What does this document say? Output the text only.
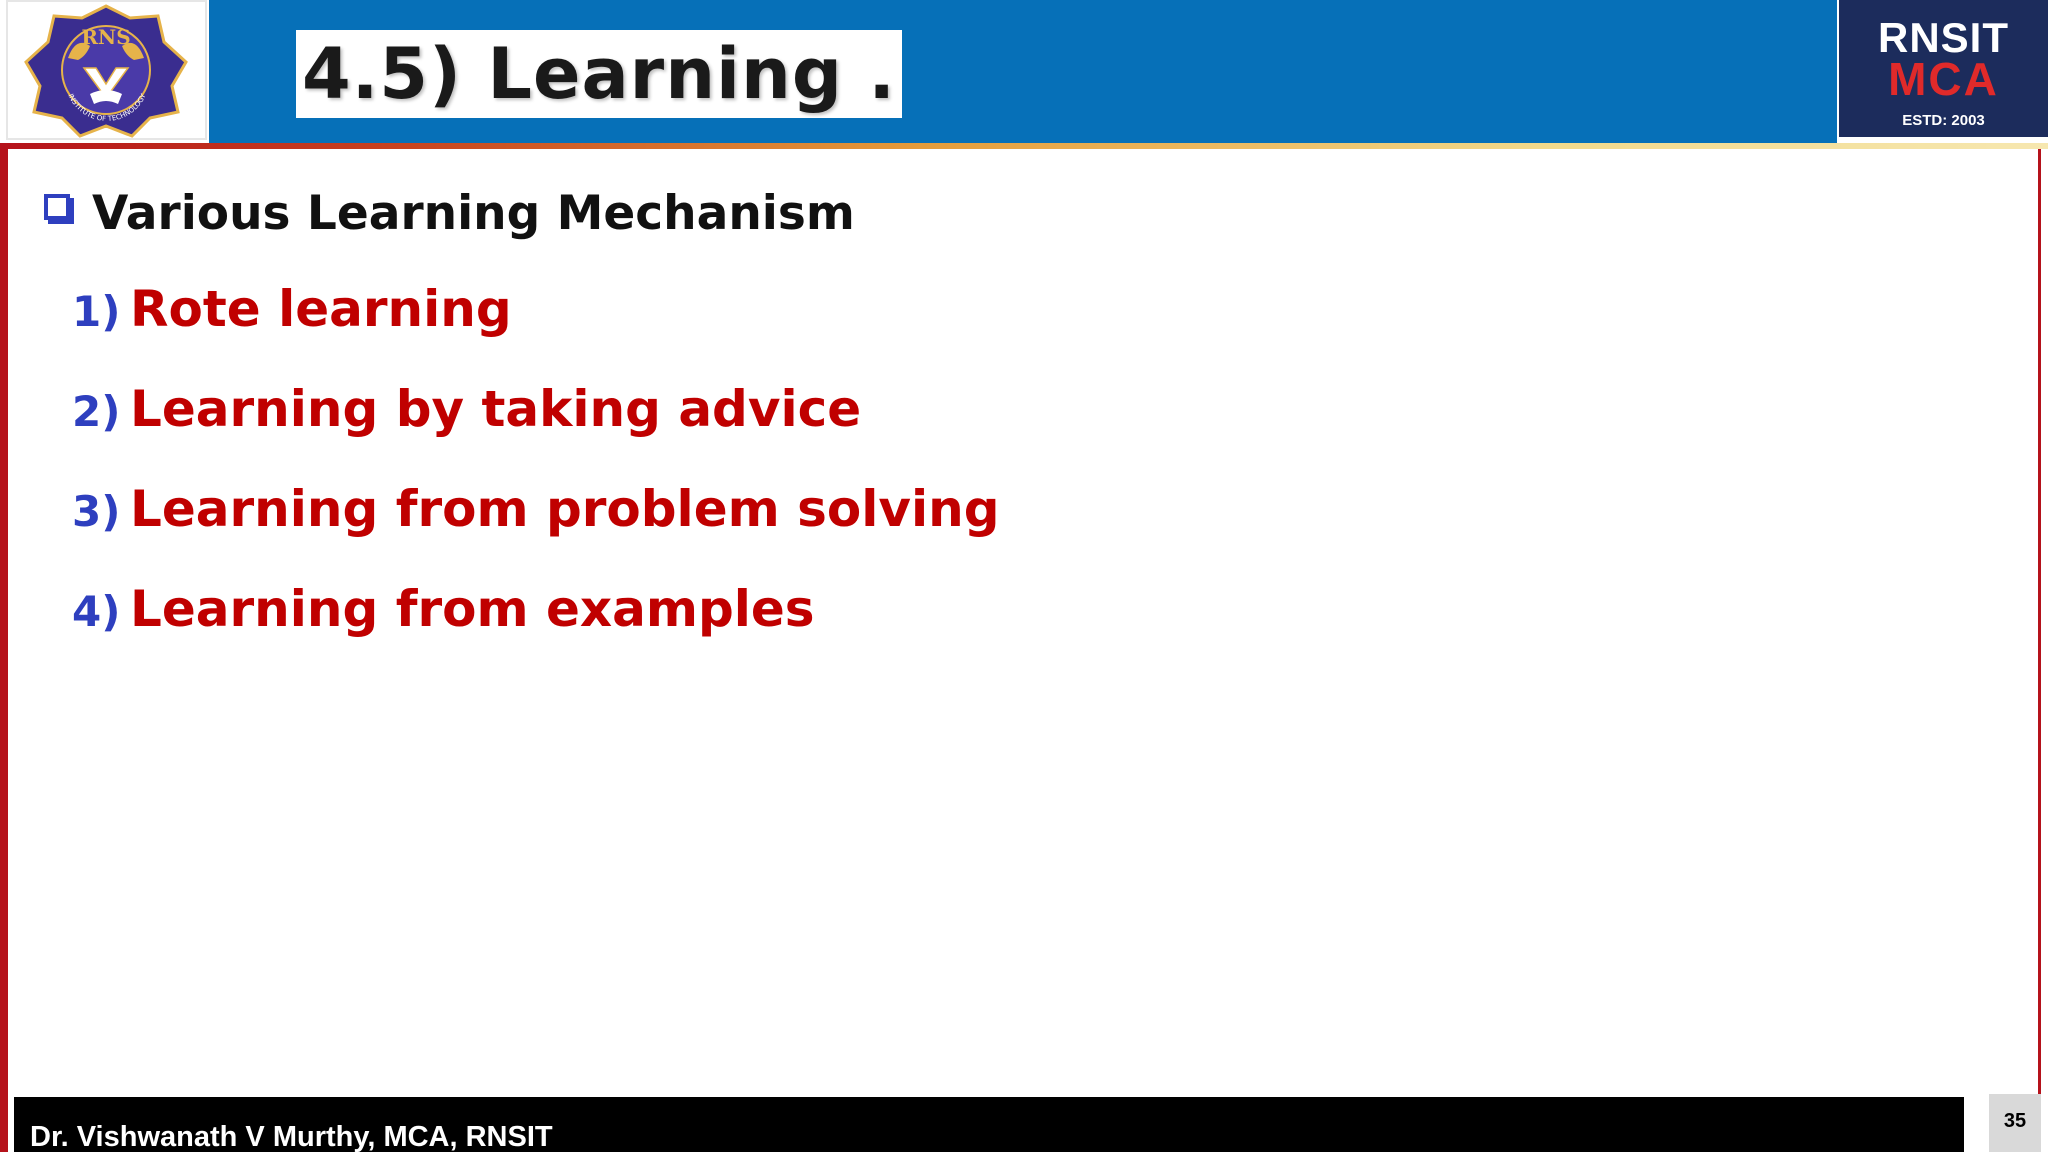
RNS
INSTITUTE OF TECHNOLOGY 4.5) Learning .	RNSIT
MCA
ESTD: 2003
Various Learning Mechanism
1) Rote learning
2) Learning by taking advice
3) Learning from problem solving
4) Learning from examples
Dr. Vishwanath V Murthy, MCA, RNSIT	35
